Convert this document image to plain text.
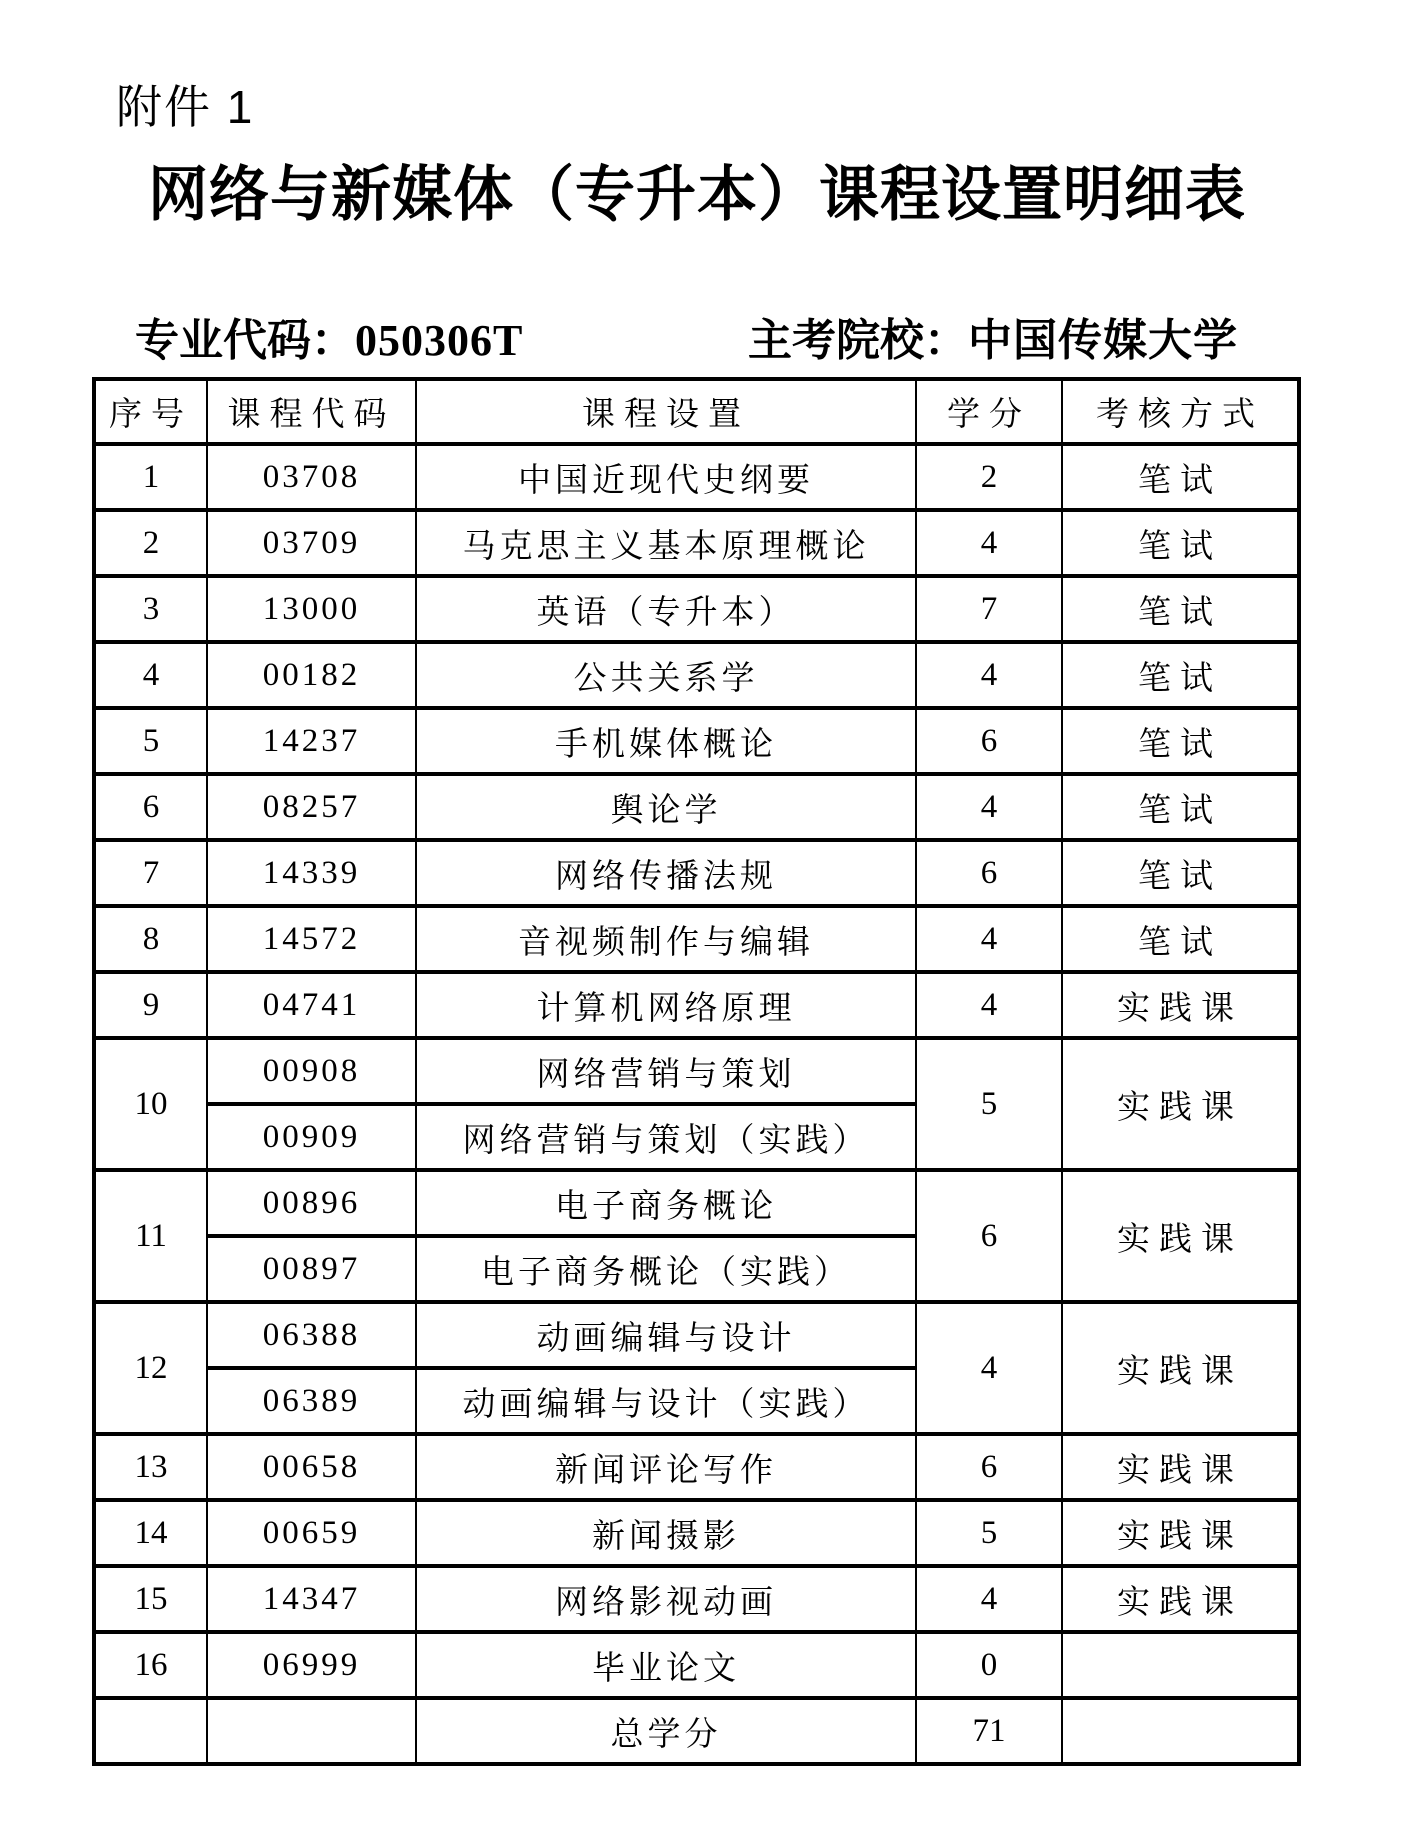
附件 1
网络与新媒体（专升本）课程设置明细表
专业代码：050306T	主考院校：中国传媒大学
序号	课程代码	课程设置	学分	考核方式
1	03708	中国近现代史纲要	2	笔试
2	03709	马克思主义基本原理概论	4	笔试
3	13000	英语（专升本）	7	笔试
4	00182	公共关系学	4	笔试
5	14237	手机媒体概论	6	笔试
6	08257	舆论学	4	笔试
7	14339	网络传播法规	6	笔试
8	14572	音视频制作与编辑	4	笔试
9	04741	计算机网络原理	4	实践课
10	00908	网络营销与策划	5	实践课
	00909	网络营销与策划（实践）		
11	00896	电子商务概论	6	实践课
	00897	电子商务概论（实践）		
12	06388	动画编辑与设计	4	实践课
	06389	动画编辑与设计（实践）		
13	00658	新闻评论写作	6	实践课
14	00659	新闻摄影	5	实践课
15	14347	网络影视动画	4	实践课
16	06999	毕业论文	0	
		总学分	71	
